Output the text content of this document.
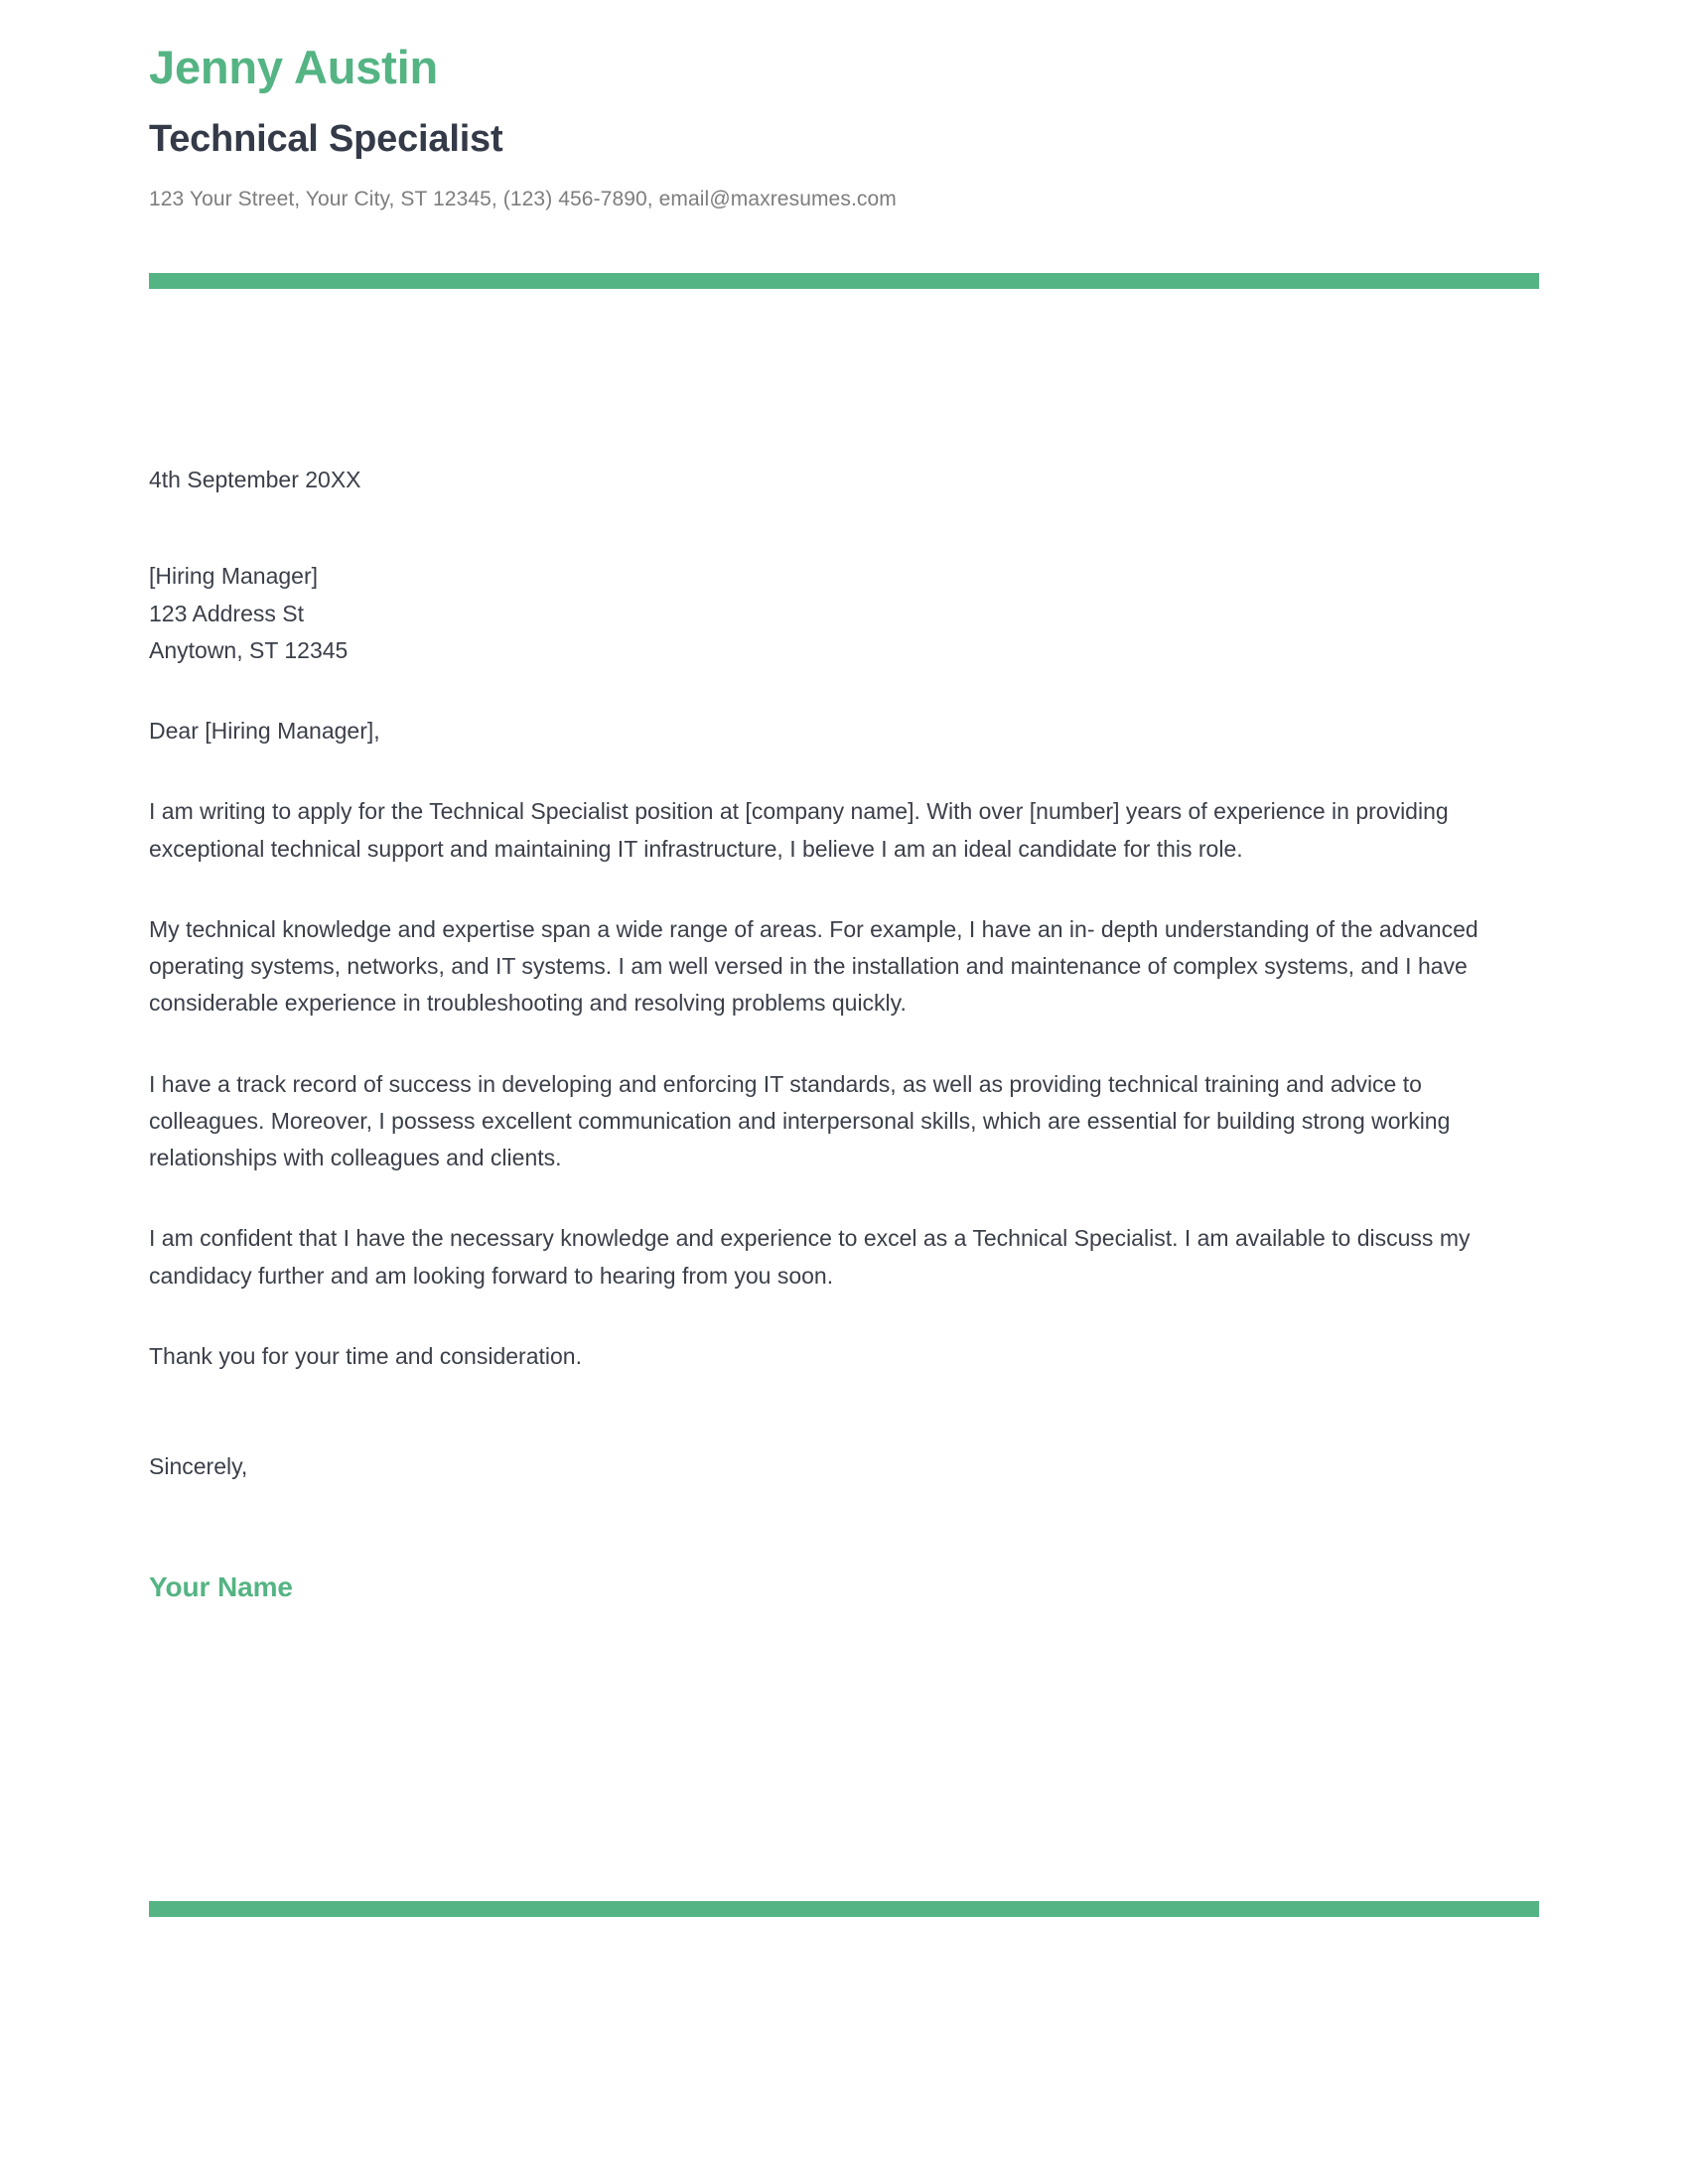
Jenny Austin
Technical Specialist

123 Your Street, Your City, ST 12345, (123) 456-7890, email@maxresumes.com

4th September 20XX
[Hiring Manager]
123 Address St
Anytown, ST 12345
Dear [Hiring Manager],

I am writing to apply for the Technical Specialist position at [company name]. With over [number] years of experience in providing exceptional technical support and maintaining IT infrastructure, I believe I am an ideal candidate for this role.

My technical knowledge and expertise span a wide range of areas. For example, I have an in- depth understanding of the advanced operating systems, networks, and IT systems. I am well versed in the installation and maintenance of complex systems, and I have considerable experience in troubleshooting and resolving problems quickly.

I have a track record of success in developing and enforcing IT standards, as well as providing technical training and advice to colleagues. Moreover, I possess excellent communication and interpersonal skills, which are essential for building strong working relationships with colleagues and clients.

I am confident that I have the necessary knowledge and experience to excel as a Technical Specialist. I am available to discuss my candidacy further and am looking forward to hearing from you soon.

Thank you for your time and consideration.

Sincerely,
Your Name
